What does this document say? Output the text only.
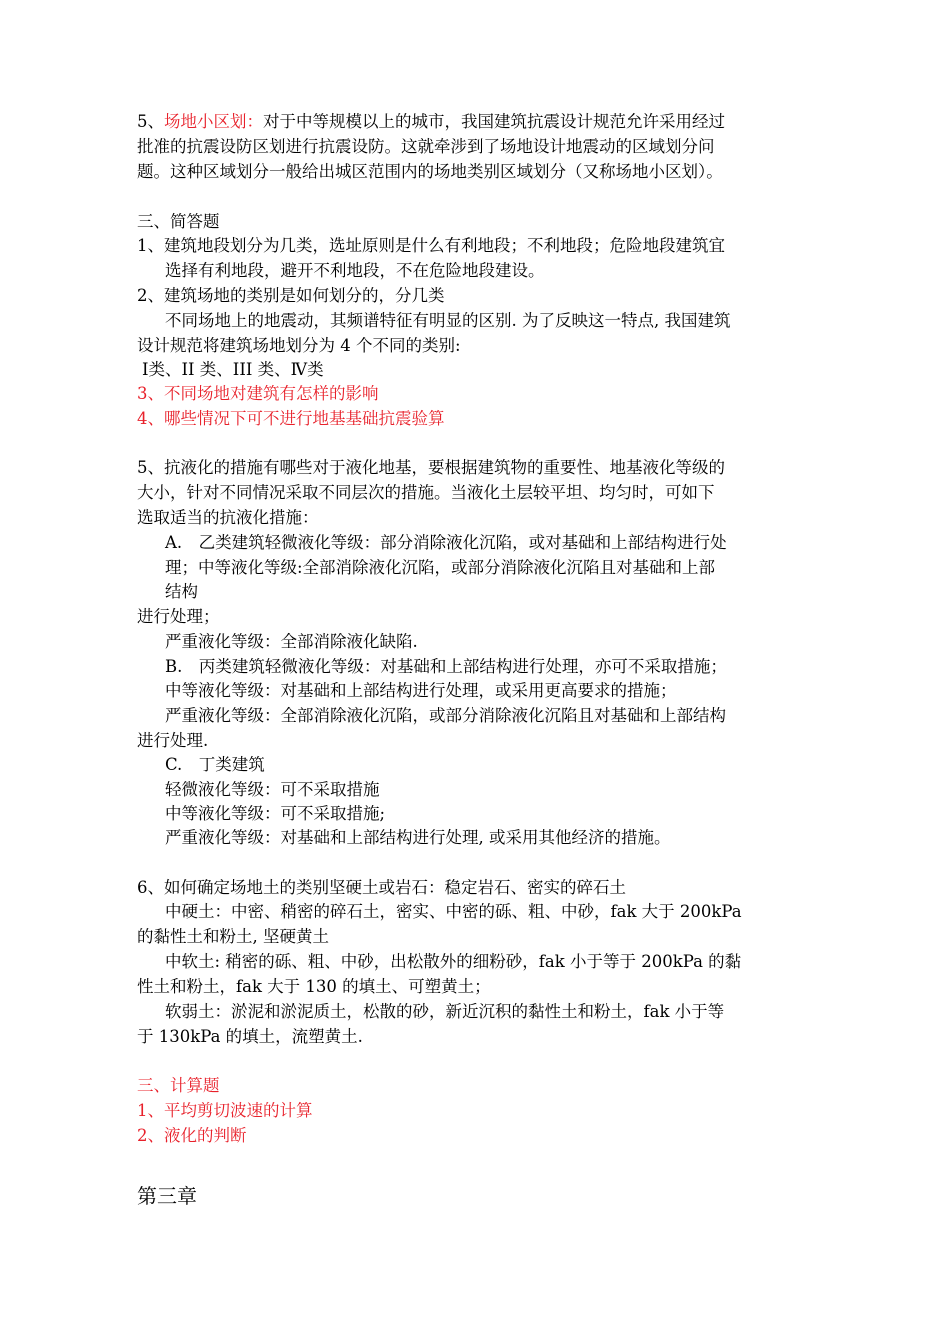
5、场地小区划：对于中等规模以上的城市，我国建筑抗震设计规范允许采用经过
批准的抗震设防区划进行抗震设防。这就牵涉到了场地设计地震动的区域划分问
题。这种区域划分一般给出城区范围内的场地类别区域划分（又称场地小区划）。
三、简答题
1、建筑地段划分为几类，选址原则是什么有利地段；不利地段；危险地段建筑宜
选择有利地段，避开不利地段，不在危险地段建设。
2、建筑场地的类别是如何划分的，分几类
不同场地上的地震动，其频谱特征有明显的区别. 为了反映这一特点, 我国建筑
设计规范将建筑场地划分为 4 个不同的类别:
Ⅰ类、II 类、III 类、Ⅳ类
3、不同场地对建筑有怎样的影响
4、哪些情况下可不进行地基基础抗震验算
5、抗液化的措施有哪些对于液化地基，要根据建筑物的重要性、地基液化等级的
大小，针对不同情况采取不同层次的措施。当液化土层较平坦、均匀时，可如下
选取适当的抗液化措施：
A.　乙类建筑轻微液化等级：部分消除液化沉陷，或对基础和上部结构进行处
理；中等液化等级:全部消除液化沉陷，或部分消除液化沉陷且对基础和上部
结构
进行处理；
严重液化等级：全部消除液化缺陷.
B.　丙类建筑轻微液化等级：对基础和上部结构进行处理，亦可不采取措施；
中等液化等级：对基础和上部结构进行处理，或采用更高要求的措施；
严重液化等级：全部消除液化沉陷，或部分消除液化沉陷且对基础和上部结构
进行处理.
C.　丁类建筑
轻微液化等级：可不采取措施
中等液化等级：可不采取措施;
严重液化等级：对基础和上部结构进行处理, 或采用其他经济的措施。
6、如何确定场地土的类别坚硬土或岩石：稳定岩石、密实的碎石土
中硬土：中密、稍密的碎石土，密实、中密的砾、粗、中砂，fak 大于 200kPa
的黏性土和粉土, 坚硬黄土
中软土: 稍密的砾、粗、中砂，出松散外的细粉砂，fak 小于等于 200kPa 的黏
性土和粉土，fak 大于 130 的填土、可塑黄土；
软弱土：淤泥和淤泥质土，松散的砂，新近沉积的黏性土和粉土，fak 小于等
于 130kPa 的填土，流塑黄土.
三、计算题
1、平均剪切波速的计算
2、液化的判断
第三章
